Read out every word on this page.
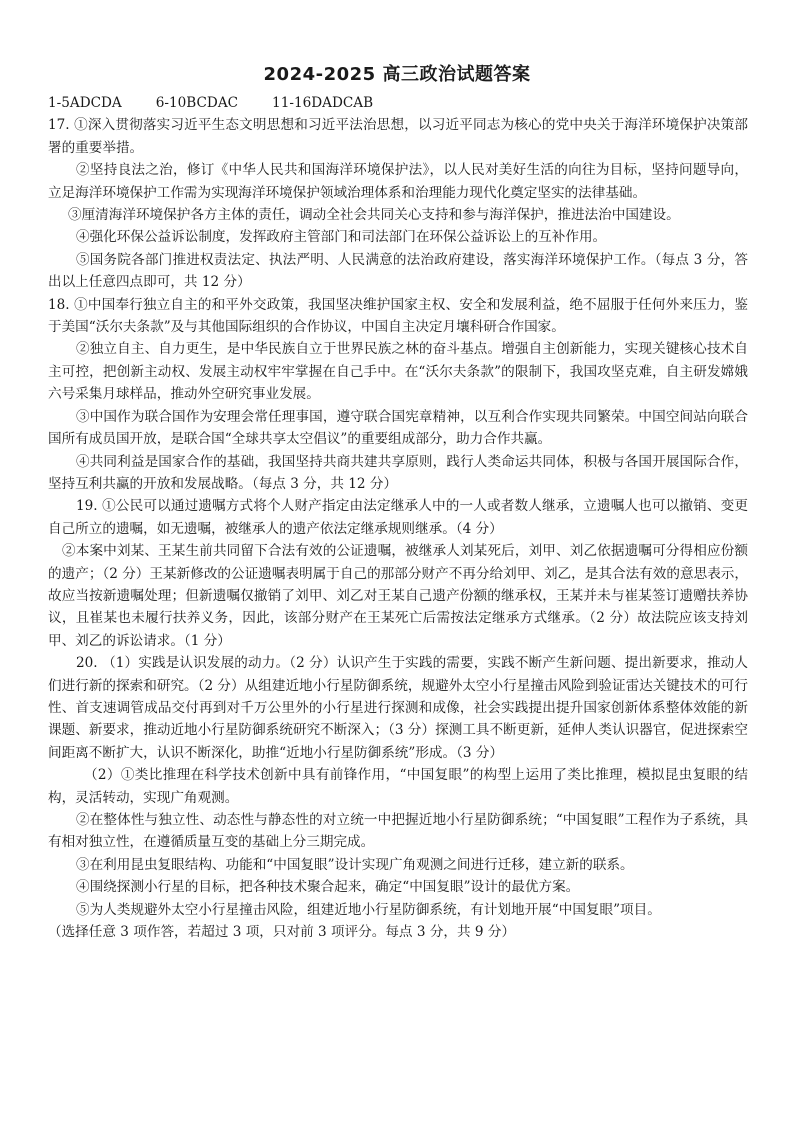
2024-2025 高三政治试题答案

1-5ADCDA	6-10BCDAC	11-16DADCAB

17. ①深入贯彻落实习近平生态文明思想和习近平法治思想，以习近平同志为核心的党中央关于海洋环境保护决策部署的重要举措。

②坚持良法之治，修订《中华人民共和国海洋环境保护法》，以人民对美好生活的向往为目标，坚持问题导向，立足海洋环境保护工作需为实现海洋环境保护领域治理体系和治理能力现代化奠定坚实的法律基础。

③厘清海洋环境保护各方主体的责任，调动全社会共同关心支持和参与海洋保护，推进法治中国建设。

④强化环保公益诉讼制度，发挥政府主管部门和司法部门在环保公益诉讼上的互补作用。

⑤国务院各部门推进权责法定、执法严明、人民满意的法治政府建设，落实海洋环境保护工作。（每点 3 分，答出以上任意四点即可，共 12 分）

18. ①中国奉行独立自主的和平外交政策，我国坚决维护国家主权、安全和发展利益，绝不屈服于任何外来压力，鉴于美国“沃尔夫条款”及与其他国际组织的合作协议，中国自主决定月壤科研合作国家。

②独立自主、自力更生，是中华民族自立于世界民族之林的奋斗基点。增强自主创新能力，实现关键核心技术自主可控，把创新主动权、发展主动权牢牢掌握在自己手中。在“沃尔夫条款”的限制下，我国攻坚克难，自主研发嫦娥六号采集月球样品，推动外空研究事业发展。

③中国作为联合国作为安理会常任理事国，遵守联合国宪章精神，以互利合作实现共同繁荣。中国空间站向联合国所有成员国开放，是联合国“全球共享太空倡议”的重要组成部分，助力合作共赢。

④共同利益是国家合作的基础，我国坚持共商共建共享原则，践行人类命运共同体，积极与各国开展国际合作，坚持互利共赢的开放和发展战略。（每点 3 分，共 12 分）

19. ①公民可以通过遗嘱方式将个人财产指定由法定继承人中的一人或者数人继承，立遗嘱人也可以撤销、变更自己所立的遗嘱，如无遗嘱，被继承人的遗产依法定继承规则继承。（4 分）

②本案中刘某、王某生前共同留下合法有效的公证遗嘱，被继承人刘某死后，刘甲、刘乙依据遗嘱可分得相应份额的遗产；（2 分）王某新修改的公证遗嘱表明属于自己的那部分财产不再分给刘甲、刘乙，是其合法有效的意思表示，故应当按新遗嘱处理；但新遗嘱仅撤销了刘甲、刘乙对王某自己遗产份额的继承权，王某并未与崔某签订遗赠扶养协议，且崔某也未履行扶养义务，因此，该部分财产在王某死亡后需按法定继承方式继承。（2 分）故法院应该支持刘甲、刘乙的诉讼请求。（1 分）

20. （1）实践是认识发展的动力。（2 分）认识产生于实践的需要，实践不断产生新问题、提出新要求，推动人们进行新的探索和研究。（2 分）从组建近地小行星防御系统，规避外太空小行星撞击风险到验证雷达关键技术的可行性、首支速调管成品交付再到对千万公里外的小行星进行探测和成像，社会实践提出提升国家创新体系整体效能的新课题、新要求，推动近地小行星防御系统研究不断深入；（3 分）探测工具不断更新，延伸人类认识器官，促进探索空间距离不断扩大，认识不断深化，助推“近地小行星防御系统”形成。（3 分）

（2）①类比推理在科学技术创新中具有前锋作用，“中国复眼”的构型上运用了类比推理，模拟昆虫复眼的结构，灵活转动，实现广角观测。

②在整体性与独立性、动态性与静态性的对立统一中把握近地小行星防御系统；“中国复眼”工程作为子系统，具有相对独立性，在遵循质量互变的基础上分三期完成。

③在利用昆虫复眼结构、功能和“中国复眼”设计实现广角观测之间进行迁移，建立新的联系。

④围绕探测小行星的目标，把各种技术聚合起来，确定“中国复眼”设计的最优方案。

⑤为人类规避外太空小行星撞击风险，组建近地小行星防御系统，有计划地开展“中国复眼”项目。

（选择任意 3 项作答，若超过 3 项，只对前 3 项评分。每点 3 分，共 9 分）
